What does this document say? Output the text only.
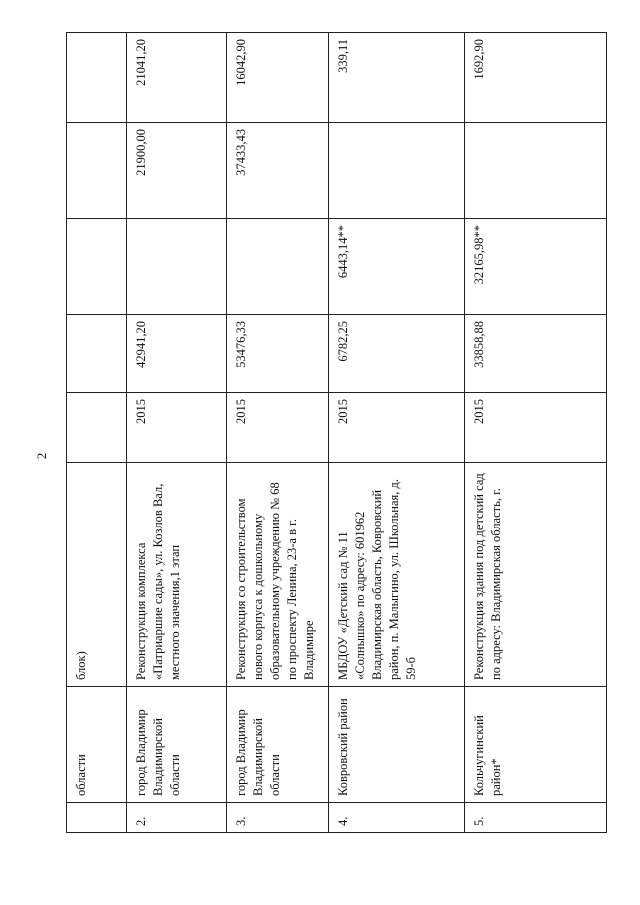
2
	области	блок)					
2.	город Владимир Владимирской области	Реконструкция комплекса «Патриаршие сады», ул. Козлов Вал, местного значения,1 этап	2015	42941,20		21900,00	21041,20
3.	город Владимир Владимирской области	Реконструкция со строительством нового корпуса к дошкольному образовательному учреждению № 68 по проспекту Ленина, 23-а в г. Владимире	2015	53476,33		37433,43	16042,90
4.	Ковровский район	МБДОУ «Детский сад № 11 «Солнышко» по адресу: 601962 Владимирская область, Ковровский район, п. Малыгино, ул. Школьная, д. 59-б	2015	6782,25	6443,14**		339,11
5.	Кольчугинский район*	Реконструкция здания под детский сад по адресу: Владимирская область, г.	2015	33858,88	32165,98**		1692,90
